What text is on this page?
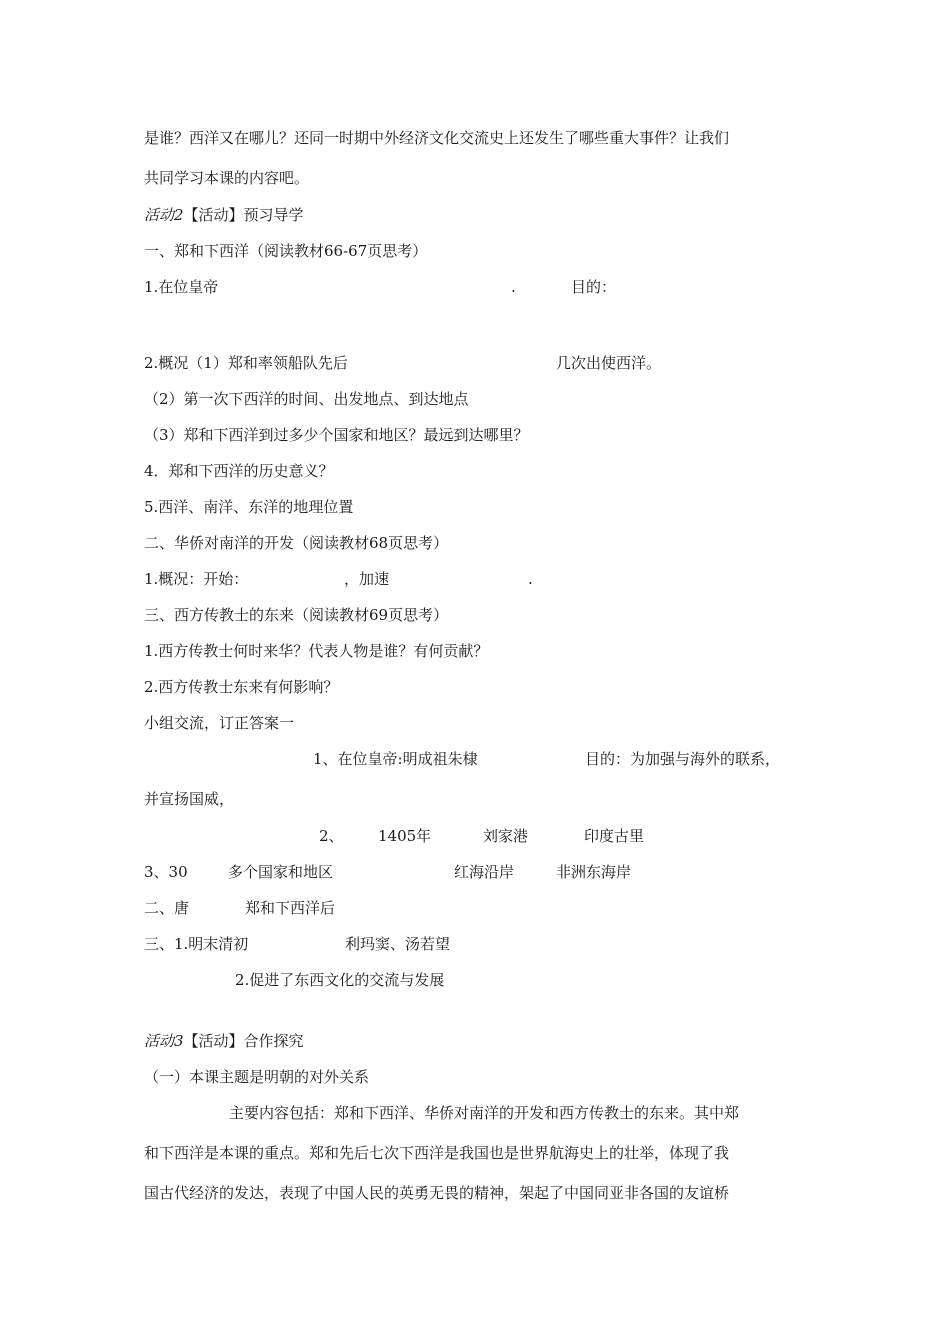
是谁？西洋又在哪儿？还同一时期中外经济文化交流史上还发生了哪些重大事件？让我们
共同学习本课的内容吧。
活动2【活动】预习导学
一、郑和下西洋（阅读教材66-67页思考）
1.在位皇帝	.	目的：
2.概况（1）郑和率领船队先后	几次出使西洋。
（2）第一次下西洋的时间、出发地点、到达地点
（3）郑和下西洋到过多少个国家和地区？最远到达哪里？
4．郑和下西洋的历史意义？
5.西洋、南洋、东洋的地理位置
二、华侨对南洋的开发（阅读教材68页思考）
1.概况：开始：	，加速	.
三、西方传教士的东来（阅读教材69页思考）
1.西方传教士何时来华？代表人物是谁？有何贡献？
2.西方传教士东来有何影响？
小组交流，订正答案一
1、在位皇帝:明成祖朱棣	目的：为加强与海外的联系，
并宣扬国威，
2、 1405年	刘家港	印度古里
3、30	多个国家和地区	红海沿岸	非洲东海岸
二、唐	郑和下西洋后
三、1.明末清初	利玛窦、汤若望
2.促进了东西文化的交流与发展
活动3【活动】合作探究
（一）本课主题是明朝的对外关系
主要内容包括：郑和下西洋、华侨对南洋的开发和西方传教士的东来。其中郑
和下西洋是本课的重点。郑和先后七次下西洋是我国也是世界航海史上的壮举，体现了我
国古代经济的发达，表现了中国人民的英勇无畏的精神，架起了中国同亚非各国的友谊桥
